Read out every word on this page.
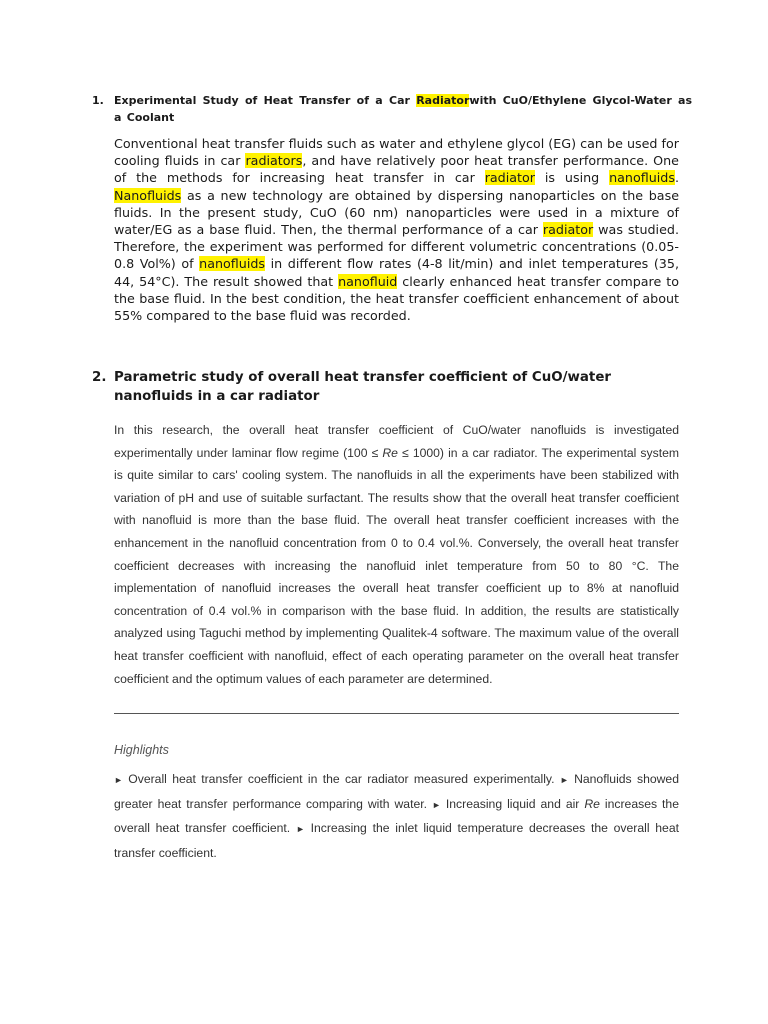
1. Experimental Study of Heat Transfer of a Car Radiatorwith CuO/Ethylene Glycol-Water as a Coolant
Conventional heat transfer fluids such as water and ethylene glycol (EG) can be used for cooling fluids in car radiators, and have relatively poor heat transfer performance. One of the methods for increasing heat transfer in car radiator is using nanofluids. Nanofluids as a new technology are obtained by dispersing nanoparticles on the base fluids. In the present study, CuO (60 nm) nanoparticles were used in a mixture of water/EG as a base fluid. Then, the thermal performance of a car radiator was studied. Therefore, the experiment was performed for different volumetric concentrations (0.05-0.8 Vol%) of nanofluids in different flow rates (4-8 lit/min) and inlet temperatures (35, 44, 54°C). The result showed that nanofluid clearly enhanced heat transfer compare to the base fluid. In the best condition, the heat transfer coefficient enhancement of about 55% compared to the base fluid was recorded.
2. Parametric study of overall heat transfer coefficient of CuO/water nanofluids in a car radiator
In this research, the overall heat transfer coefficient of CuO/water nanofluids is investigated experimentally under laminar flow regime (100 ≤ Re ≤ 1000) in a car radiator. The experimental system is quite similar to cars' cooling system. The nanofluids in all the experiments have been stabilized with variation of pH and use of suitable surfactant. The results show that the overall heat transfer coefficient with nanofluid is more than the base fluid. The overall heat transfer coefficient increases with the enhancement in the nanofluid concentration from 0 to 0.4 vol.%. Conversely, the overall heat transfer coefficient decreases with increasing the nanofluid inlet temperature from 50 to 80 °C. The implementation of nanofluid increases the overall heat transfer coefficient up to 8% at nanofluid concentration of 0.4 vol.% in comparison with the base fluid. In addition, the results are statistically analyzed using Taguchi method by implementing Qualitek-4 software. The maximum value of the overall heat transfer coefficient with nanofluid, effect of each operating parameter on the overall heat transfer coefficient and the optimum values of each parameter are determined.
Highlights
► Overall heat transfer coefficient in the car radiator measured experimentally. ► Nanofluids showed greater heat transfer performance comparing with water. ► Increasing liquid and air Re increases the overall heat transfer coefficient. ► Increasing the inlet liquid temperature decreases the overall heat transfer coefficient.
